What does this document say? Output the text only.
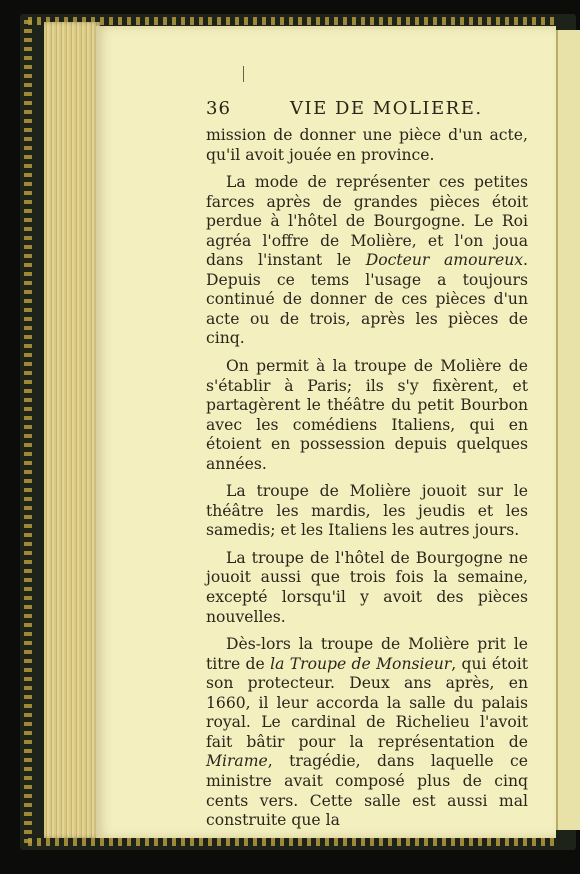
36	VIE DE MOLIERE.

mission de donner une pièce d'un acte, qu'il avoit jouée en province.

La mode de représenter ces petites farces après de grandes pièces étoit perdue à l'hôtel de Bourgogne. Le Roi agréa l'offre de Molière, et l'on joua dans l'instant le Docteur amoureux. Depuis ce tems l'usage a toujours continué de donner de ces pièces d'un acte ou de trois, après les pièces de cinq.

On permit à la troupe de Molière de s'établir à Paris; ils s'y fixèrent, et partagèrent le théâtre du petit Bourbon avec les comédiens Italiens, qui en étoient en possession depuis quelques années.

La troupe de Molière jouoit sur le théâtre les mardis, les jeudis et les samedis; et les Italiens les autres jours.

La troupe de l'hôtel de Bourgogne ne jouoit aussi que trois fois la semaine, excepté lorsqu'il y avoit des pièces nouvelles.

Dès-lors la troupe de Molière prit le titre de la Troupe de Monsieur, qui étoit son protecteur. Deux ans après, en 1660, il leur accorda la salle du palais royal. Le cardinal de Richelieu l'avoit fait bâtir pour la représentation de Mirame, tragédie, dans laquelle ce ministre avait composé plus de cinq cents vers. Cette salle est aussi mal construite que la
